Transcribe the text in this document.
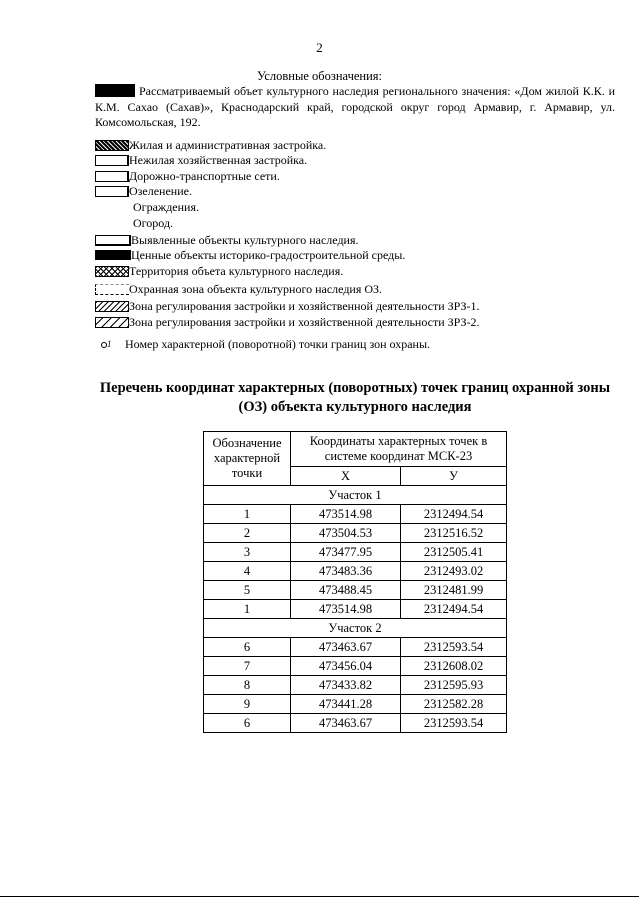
2
Условные обозначения:
Рассматриваемый объет культурного наследия регионального значения: «Дом жилой К.К. и К.М. Сахао (Сахав)», Краснодарский край, городской округ город Армавир, г. Армавир, ул. Комсомольская, 192.
Жилая и административная застройка.
Нежилая хозяйственная застройка.
Дорожно-транспортные сети.
Озеленение.
Ограждения.
Огород.
Выявленные объекты культурного наследия.
Ценные объекты историко-градостроительной среды.
Территория объета культурного наследия.
Охранная зона объекта культурного наследия ОЗ.
Зона регулирования застройки и хозяйственной деятельности ЗРЗ-1.
Зона регулирования застройки и хозяйственной деятельности ЗРЗ-2.
1 Номер характерной (поворотной) точки границ зон охраны.
Перечень координат характерных (поворотных) точек границ охранной зоны (ОЗ) объекта культурного наследия
Обозначение характерной точки	Координаты характерных точек в системе координат МСК-23	
	Х	У
Участок 1		
1	473514.98	2312494.54
2	473504.53	2312516.52
3	473477.95	2312505.41
4	473483.36	2312493.02
5	473488.45	2312481.99
1	473514.98	2312494.54
Участок 2		
6	473463.67	2312593.54
7	473456.04	2312608.02
8	473433.82	2312595.93
9	473441.28	2312582.28
6	473463.67	2312593.54
